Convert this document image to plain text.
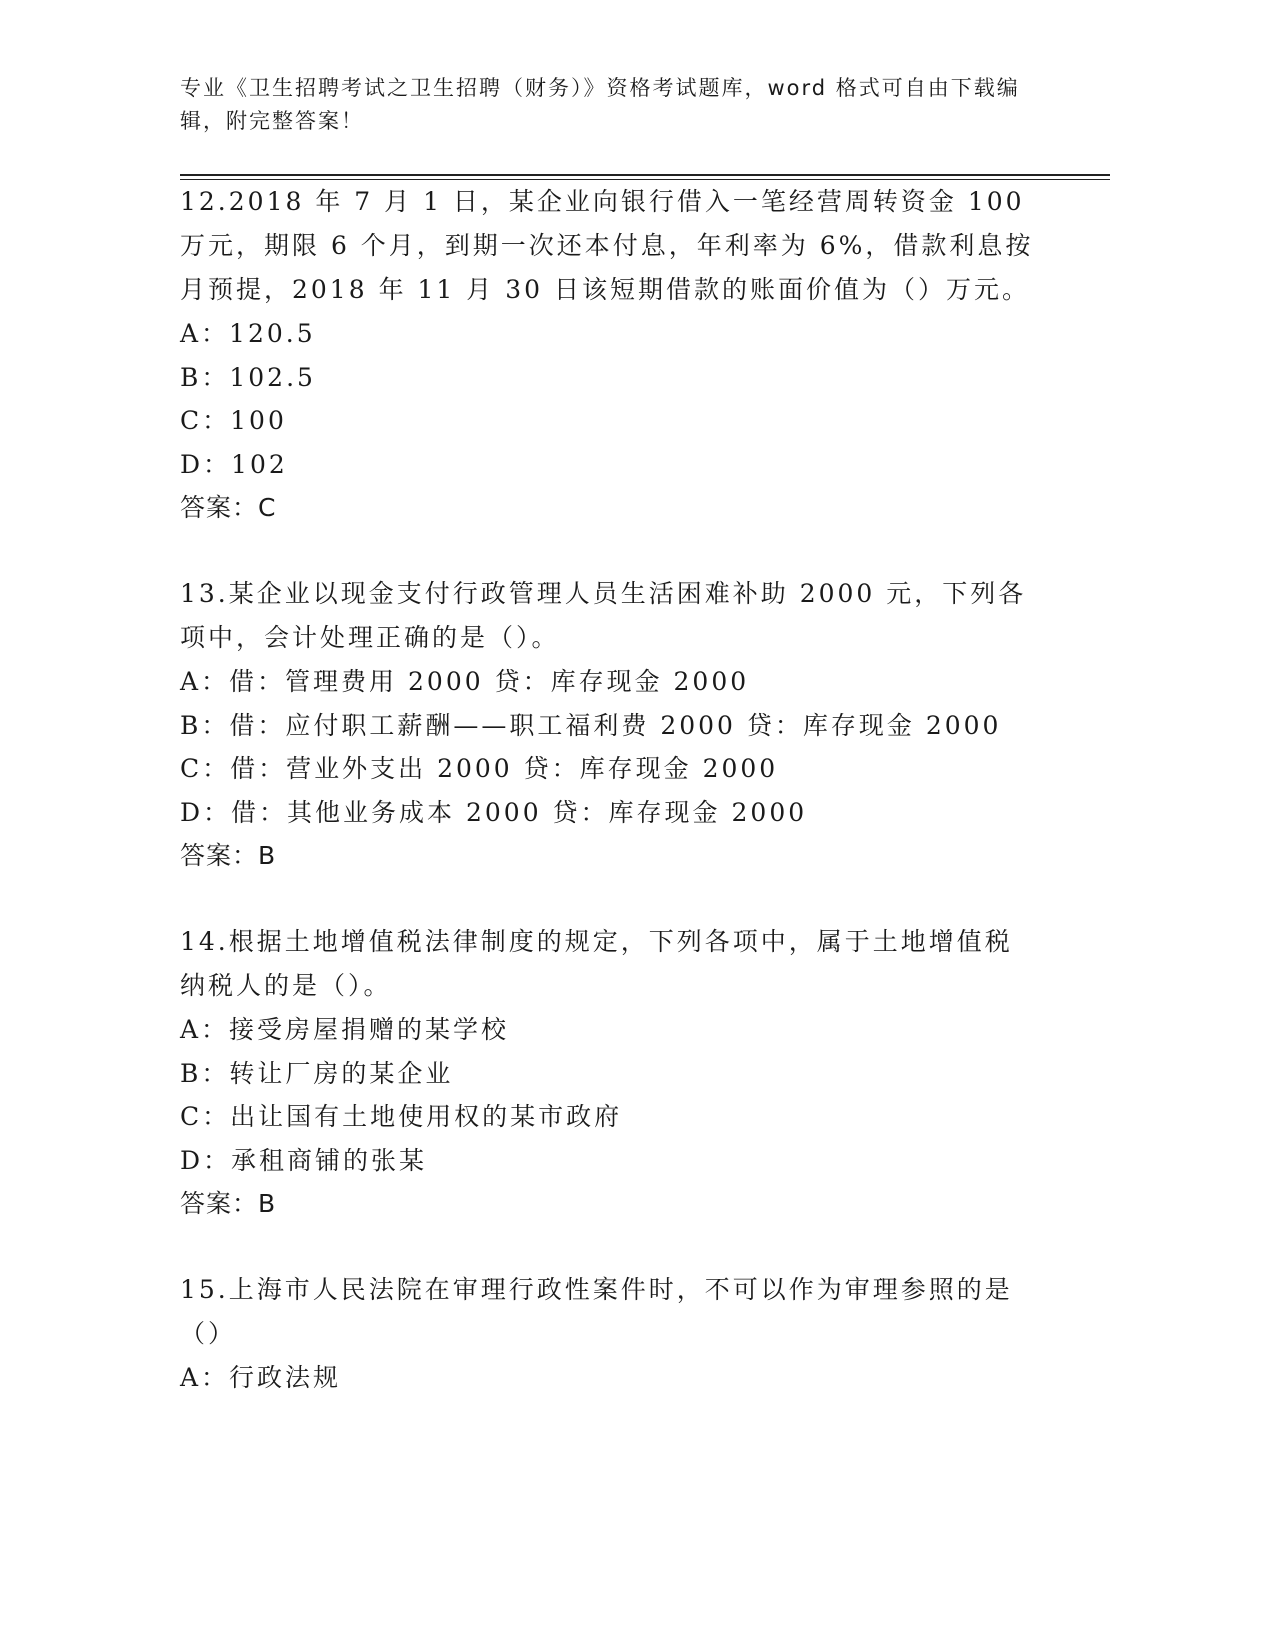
专业《卫生招聘考试之卫生招聘（财务）》资格考试题库，word 格式可自由下载编辑，附完整答案！

12.2018 年 7 月 1 日，某企业向银行借入一笔经营周转资金 100 万元，期限 6 个月，到期一次还本付息，年利率为 6%，借款利息按月预提，2018 年 11 月 30 日该短期借款的账面价值为（）万元。

A：120.5

B：102.5

C：100

D：102

答案：C

13.某企业以现金支付行政管理人员生活困难补助 2000 元，下列各项中，会计处理正确的是（）。

A：借：管理费用 2000 贷：库存现金 2000

B：借：应付职工薪酬——职工福利费 2000 贷：库存现金 2000

C：借：营业外支出 2000 贷：库存现金 2000

D：借：其他业务成本 2000 贷：库存现金 2000

答案：B

14.根据土地增值税法律制度的规定，下列各项中，属于土地增值税纳税人的是（）。

A：接受房屋捐赠的某学校

B：转让厂房的某企业

C：出让国有土地使用权的某市政府

D：承租商铺的张某

答案：B

15.上海市人民法院在审理行政性案件时，不可以作为审理参照的是（）

A：行政法规
